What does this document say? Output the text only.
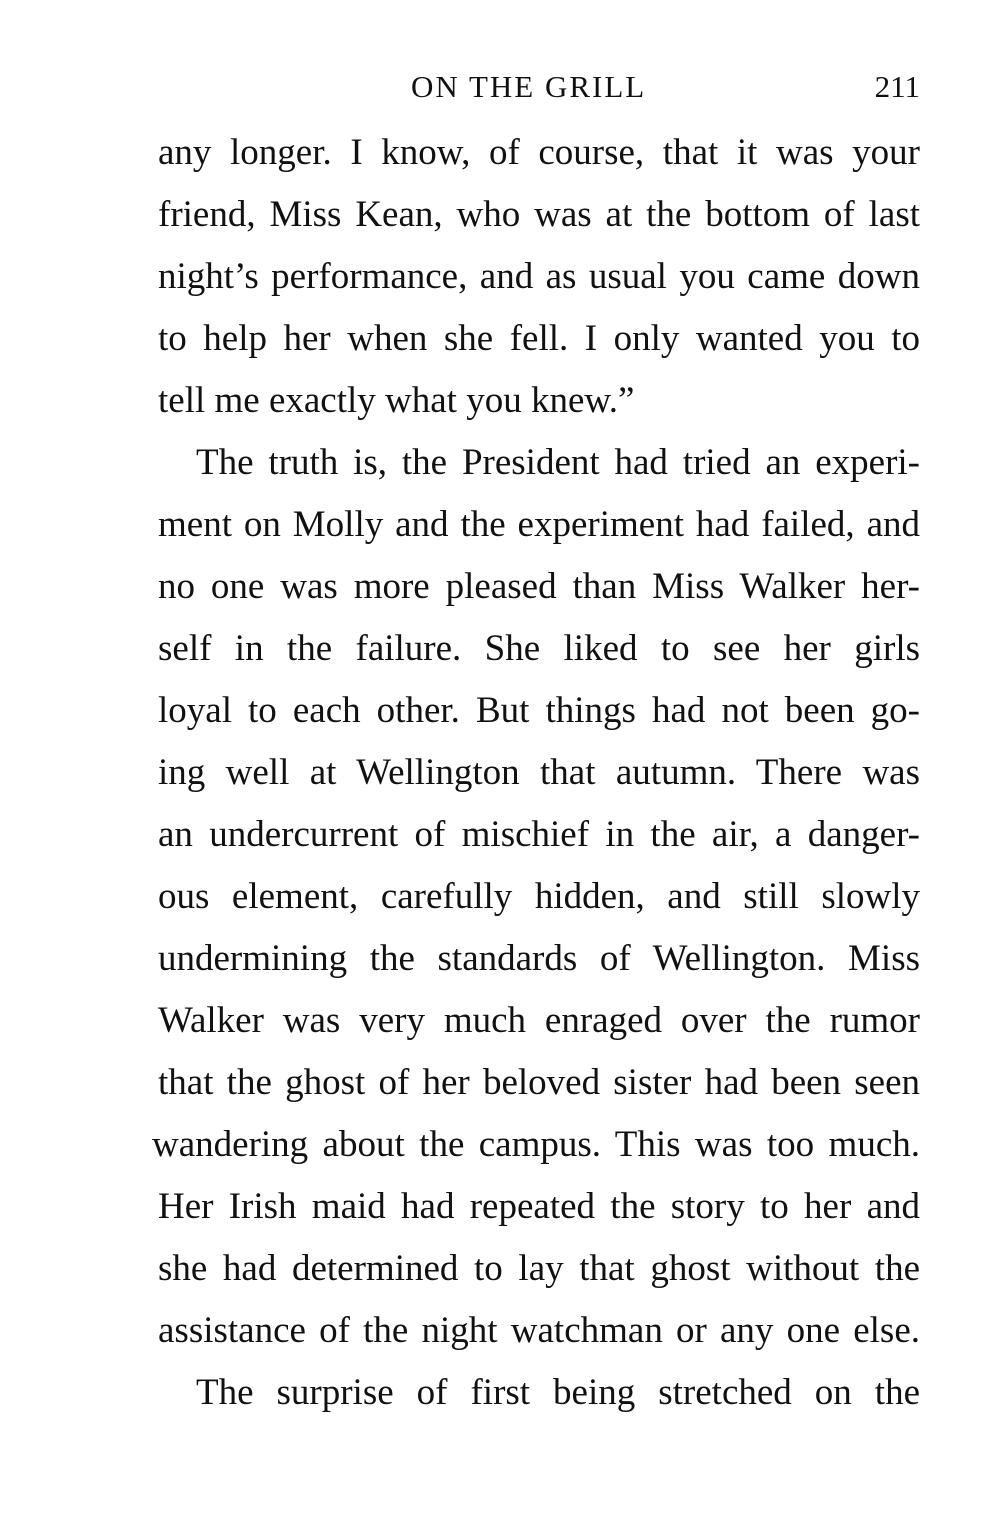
ON THE GRILL	211
any longer. I know, of course, that it was your
friend, Miss Kean, who was at the bottom of last
night’s performance, and as usual you came down
to help her when she fell. I only wanted you to
tell me exactly what you knew.”
The truth is, the President had tried an experi-
ment on Molly and the experiment had failed, and
no one was more pleased than Miss Walker her-
self in the failure. She liked to see her girls
loyal to each other. But things had not been go-
ing well at Wellington that autumn. There was
an undercurrent of mischief in the air, a danger-
ous element, carefully hidden, and still slowly
undermining the standards of Wellington. Miss
Walker was very much enraged over the rumor
that the ghost of her beloved sister had been seen
wandering about the campus. This was too much.
Her Irish maid had repeated the story to her and
she had determined to lay that ghost without the
assistance of the night watchman or any one else.
The surprise of first being stretched on the
